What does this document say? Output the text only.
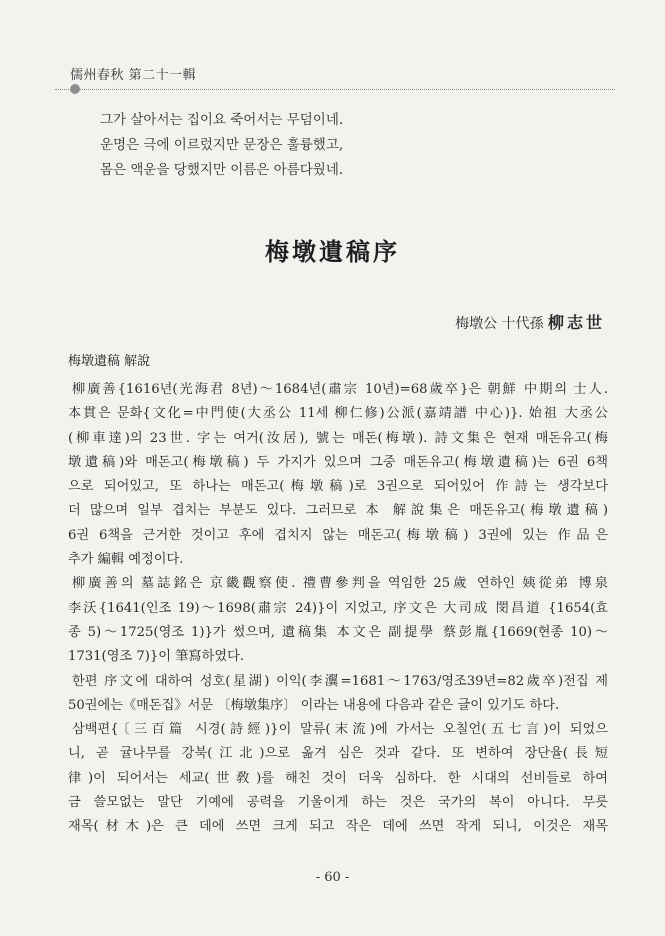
儒州春秋 第二十一輯
그가 살아서는 집이요 죽어서는 무덤이네.
운명은 극에 이르렀지만 문장은 훌륭했고,
몸은 액운을 당했지만 이름은 아름다웠네.
梅墩遺稿序
梅墩公 十代孫 柳志世
梅墩遺稿 解說
柳廣善{1616년(光海君 8년)～1684년(肅宗 10년)=68歲卒}은 朝鮮 中期의 士人.
本貫은 문화{文化=中門使(大丞公 11세 柳仁修)公派(嘉靖譜 中心)}. 始祖 大丞公
(柳車達)의 23世. 字는 여거(汝居), 號는 매돈(梅墩). 詩文集은 현재 매돈유고(梅
墩遺稿)와 매돈고(梅墩稿) 두 가지가 있으며 그중 매돈유고(梅墩遺稿)는 6권 6책
으로 되어있고, 또 하나는 매돈고(梅墩稿)로 3권으로 되어있어 作詩는 생각보다
더 많으며 일부 겹치는 부분도 있다. 그러므로 本 解說集은 매돈유고(梅墩遺稿)
6권 6책을 근거한 것이고 후에 겹치지 않는 매돈고(梅墩稿) 3권에 있는 作品은
추가 編輯 예정이다.
柳廣善의 墓誌銘은 京畿觀察使. 禮曹參判을 역임한 25歲 연하인 姨從弟 博泉
李沃{1641(인조 19)～1698(肅宗 24)}이 지었고, 序文은 大司成 閔昌道 {1654(효
종 5)～1725(영조 1)}가 썼으며, 遺稿集 本文은 副提學 蔡彭胤{1669(현종 10)～
1731(영조 7)}이 筆寫하였다.
한편 序文에 대하여 성호(星湖) 이익(李瀷=1681～1763/영조39년=82歲卒)전집 제
50권에는《매돈집》서문 〔梅墩集序〕 이라는 내용에 다음과 같은 글이 있기도 하다.
삼백편{〔三百篇 시경(詩經)}이 말류(末流)에 가서는 오칠언(五七言)이 되었으
니, 곧 귤나무를 강북(江北)으로 옮겨 심은 것과 같다. 또 변하여 장단율(長短
律)이 되어서는 세교(世敎)를 해친 것이 더욱 심하다. 한 시대의 선비들로 하여
금 쓸모없는 말단 기예에 공력을 기울이게 하는 것은 국가의 복이 아니다. 무릇
재목(材木)은 큰 데에 쓰면 크게 되고 작은 데에 쓰면 작게 되니, 이것은 재목
- 60 -
